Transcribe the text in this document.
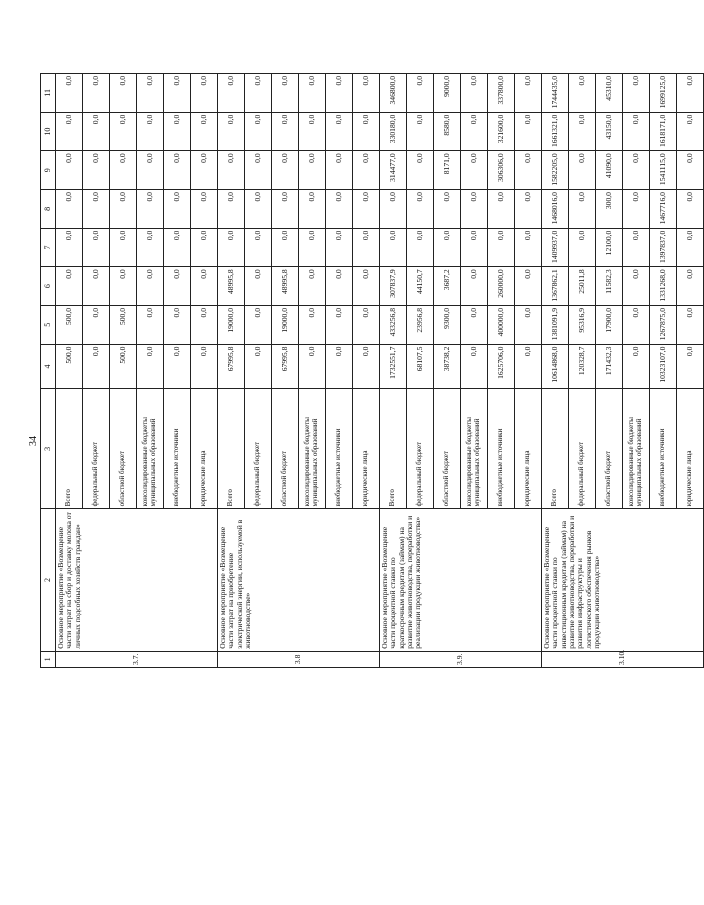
34
1	2	3	4	5	6	7	8	9	10	11
3.7.	Основное мероприятие «Возмещение части затрат на сбор и доставку молока от личных подсобных хозяйств граждан»	Всего	500,0	500,0	0,0	0,0	0,0	0,0	0,0	0,0
		федеральный бюджет	0,0	0,0	0,0	0,0	0,0	0,0	0,0	0,0
		областной бюджет	500,0	500,0	0,0	0,0	0,0	0,0	0,0	0,0
		консолидированные бюджеты муниципальных образований	0,0	0,0	0,0	0,0	0,0	0,0	0,0	0,0
		внебюджетные источники	0,0	0,0	0,0	0,0	0,0	0,0	0,0	0,0
		юридические лица	0,0	0,0	0,0	0,0	0,0	0,0	0,0	0,0
3.8	Основное мероприятие «Возмещение части затрат на приобретение электрической энергии, используемой в животноводстве»	Всего	67995,8	19000,0	48995,8	0,0	0,0	0,0	0,0	0,0
		федеральный бюджет	0,0	0,0	0,0	0,0	0,0	0,0	0,0	0,0
		областной бюджет	67995,8	19000,0	48995,8	0,0	0,0	0,0	0,0	0,0
		консолидированные бюджеты муниципальных образований	0,0	0,0	0,0	0,0	0,0	0,0	0,0	0,0
		внебюджетные источники	0,0	0,0	0,0	0,0	0,0	0,0	0,0	0,0
		юридические лица	0,0	0,0	0,0	0,0	0,0	0,0	0,0	0,0
3.9.	Основное мероприятие «Возмещение части процентной ставки по краткосрочным кредитам (займам) на развитие животноводства, переработки и реализации продукции животноводства»	Всего	1732551,7	433256,8	307837,9	0,0	0,0	314477,0	330180,0	346800,0
		федеральный бюджет	68107,5	23956,8	44150,7	0,0	0,0	0,0	0,0	0,0
		областной бюджет	38738,2	9300,0	3687,2	0,0	0,0	8171,0	8580,0	9000,0
		консолидированные бюджеты муниципальных образований	0,0	0,0	0,0	0,0	0,0	0,0	0,0	0,0
		внебюджетные источники	1625706,0	400000,0	260000,0	0,0	0,0	306306,0	321600,0	337800,0
		юридические лица	0,0	0,0	0,0	0,0	0,0	0,0	0,0	0,0
3.10.	Основное мероприятие «Возмещение части процентной ставки по инвестиционным кредитам (займам) на развитие животноводства, переработки и развития инфраструктуры и логистического обеспечения рынков продукции животноводства»	Всего	10614868,0	1381091,9	1367862,1	1409937,0	1468016,0	1582205,0	1661321,0	1744435,0
		федеральный бюджет	120328,7	95316,9	25011,8	0,0	0,0	0,0	0,0	0,0
		областной бюджет	171432,3	17900,0	11582,3	12100,0	300,0	41090,0	43150,0	45310,0
		консолидированные бюджеты муниципальных образований	0,0	0,0	0,0	0,0	0,0	0,0	0,0	0,0
		внебюджетные источники	10323107,0	1267875,0	1331268,0	1397837,0	1467716,0	1541115,0	1618171,0	1699125,0
		юридические лица	0,0	0,0	0,0	0,0	0,0	0,0	0,0	0,0
